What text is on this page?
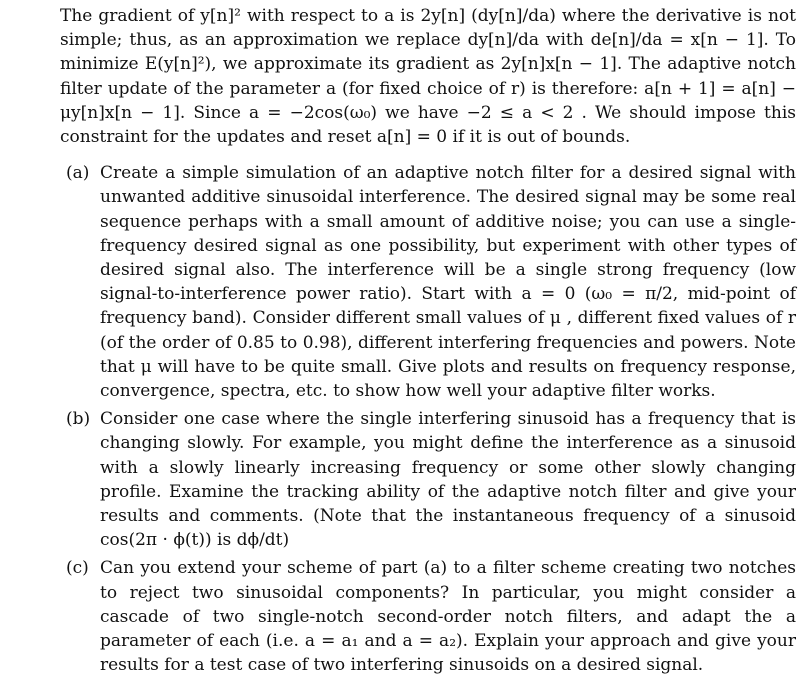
The gradient of y[n]² with respect to a is 2y[n] (dy[n]/da) where the derivative is not simple; thus, as an approximation we replace dy[n]/da with de[n]/da = x[n − 1]. To minimize E(y[n]²), we approximate its gradient as 2y[n]x[n − 1]. The adaptive notch filter update of the parameter a (for fixed choice of r) is therefore: a[n + 1] = a[n] − μy[n]x[n − 1]. Since a = −2cos(ω₀) we have −2 ≤ a < 2 . We should impose this constraint for the updates and reset a[n] = 0 if it is out of bounds.

(a) Create a simple simulation of an adaptive notch filter for a desired signal with unwanted additive sinusoidal interference. The desired signal may be some real sequence perhaps with a small amount of additive noise; you can use a single-frequency desired signal as one possibility, but experiment with other types of desired signal also. The interference will be a single strong frequency (low signal-to-interference power ratio). Start with a = 0 (ω₀ = π/2, mid-point of frequency band). Consider different small values of μ , different fixed values of r (of the order of 0.85 to 0.98), different interfering frequencies and powers. Note that μ will have to be quite small. Give plots and results on frequency response, convergence, spectra, etc. to show how well your adaptive filter works.
(b) Consider one case where the single interfering sinusoid has a frequency that is changing slowly. For example, you might define the interference as a sinusoid with a slowly linearly increasing frequency or some other slowly changing profile. Examine the tracking ability of the adaptive notch filter and give your results and comments. (Note that the instantaneous frequency of a sinusoid cos(2π · ϕ(t)) is dϕ/dt)
(c) Can you extend your scheme of part (a) to a filter scheme creating two notches to reject two sinusoidal components? In particular, you might consider a cascade of two single-notch second-order notch filters, and adapt the a parameter of each (i.e. a = a₁ and a = a₂). Explain your approach and give your results for a test case of two interfering sinusoids on a desired signal.
